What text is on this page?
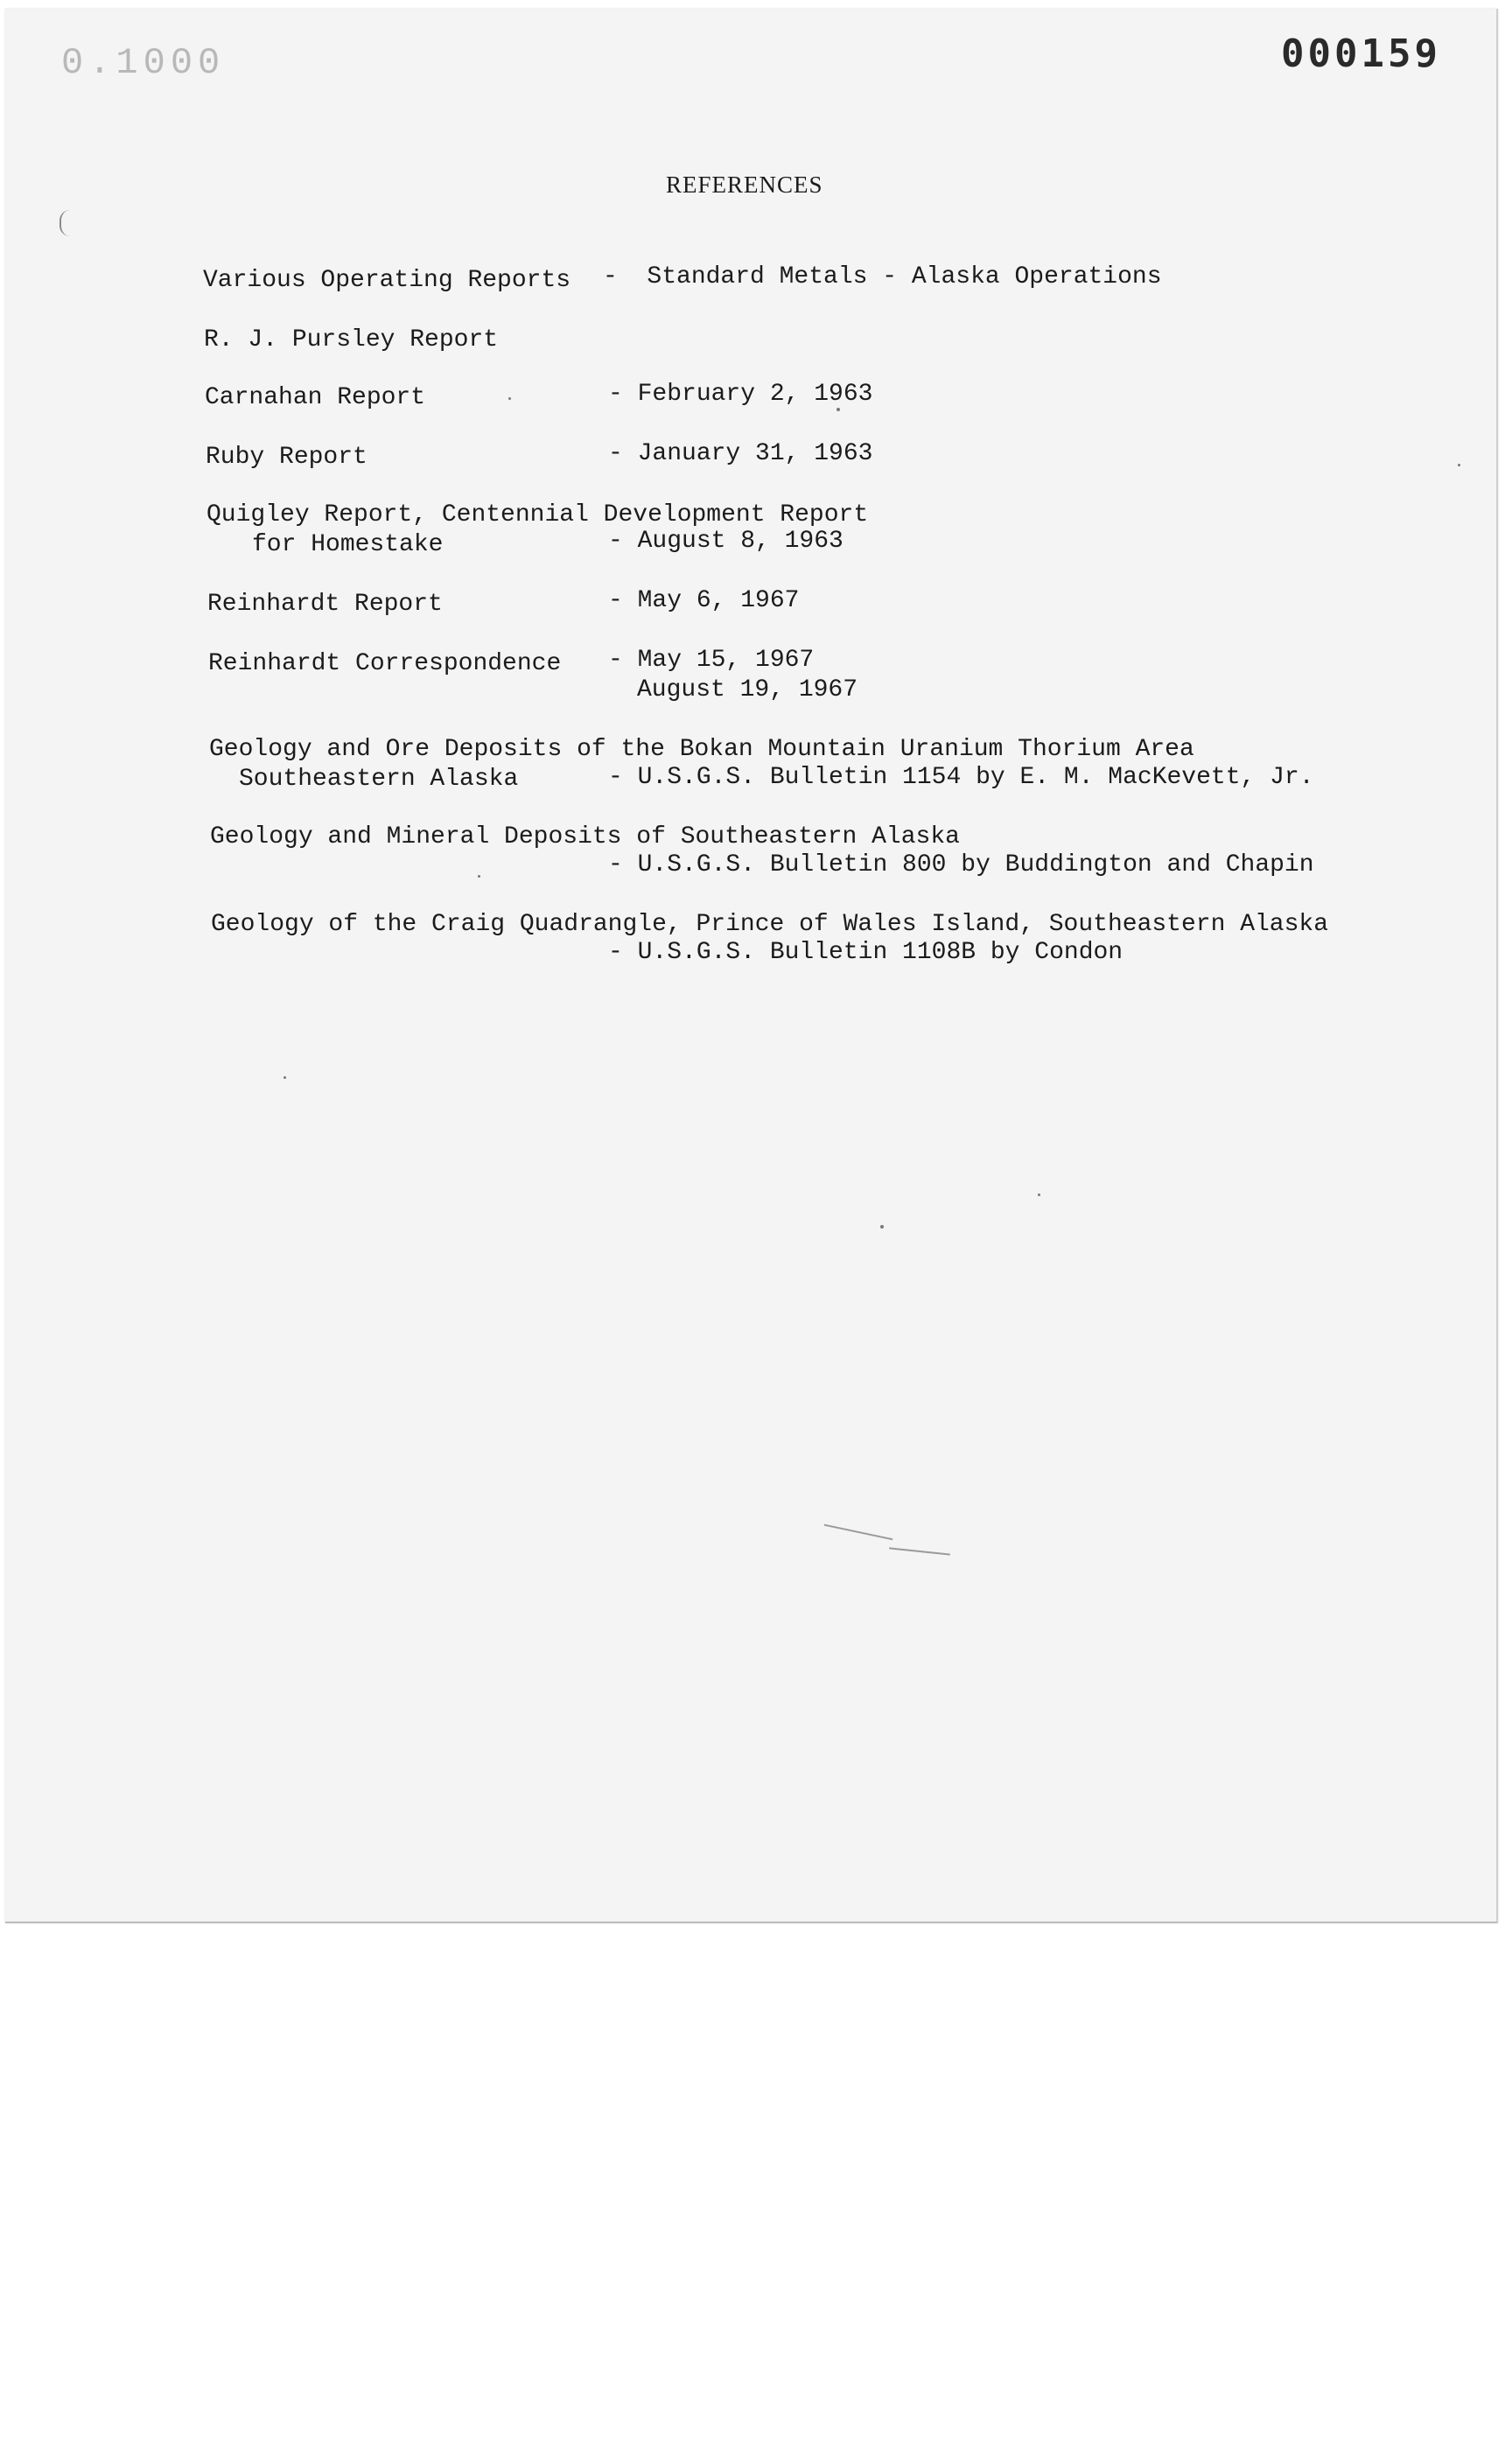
0.1000	000159
REFERENCES
Various Operating Reports -  Standard Metals - Alaska Operations
R. J. Pursley Report
Carnahan Report	- February 2, 1963
Ruby Report	- January 31, 1963
Quigley Report, Centennial Development Report
for Homestake	- August 8, 1963
Reinhardt Report	- May 6, 1967
Reinhardt Correspondence - May 15, 1967
August 19, 1967
Geology and Ore Deposits of the Bokan Mountain Uranium Thorium Area
Southeastern Alaska	- U.S.G.S. Bulletin 1154 by E. M. MacKevett, Jr.
Geology and Mineral Deposits of Southeastern Alaska
- U.S.G.S. Bulletin 800 by Buddington and Chapin
Geology of the Craig Quadrangle, Prince of Wales Island, Southeastern Alaska
- U.S.G.S. Bulletin 1108B by Condon
